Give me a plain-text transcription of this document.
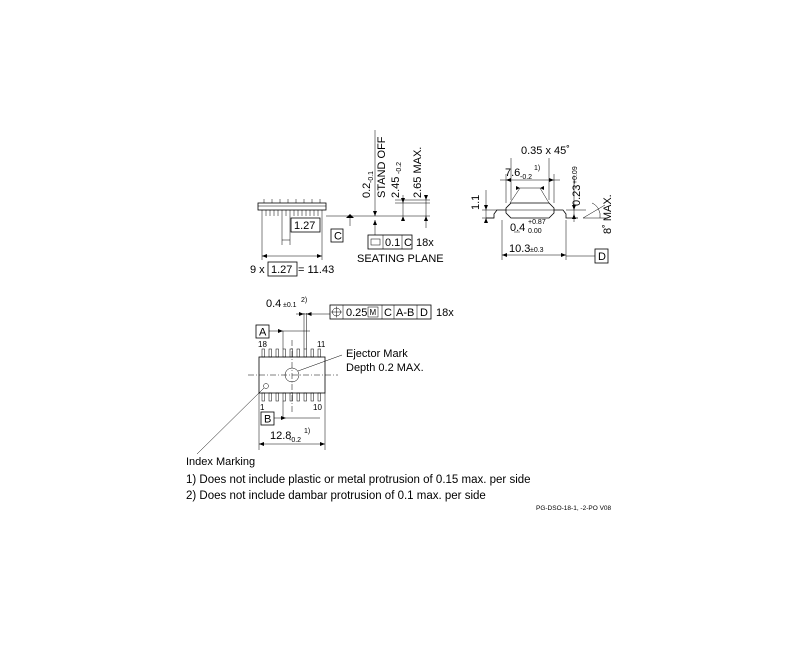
1.27
9 x 1.27 = 11.43
C
0.2
-0.1 STAND OFF 2.45
-0.2 2.65 MAX.
0.1 C 18x
SEATING PLANE
0.35 x 45˚
7.6 -0.2
1)
0.23
+0.09
8˚ MAX.
1.1
0.4 +0.87
0.00
10.3 ±0.3
D
18	11
1	10
Ejector Mark
Depth 0.2 MAX.
A
0.4 ±0.1
2)
0.25 M C A-B D 18x
B
12.8
-0.2
1)
Index Marking
1) Does not include plastic or metal protrusion of 0.15 max. per side
2) Does not include dambar protrusion of 0.1 max. per side
PG-DSO-18-1, -2-PO V08
